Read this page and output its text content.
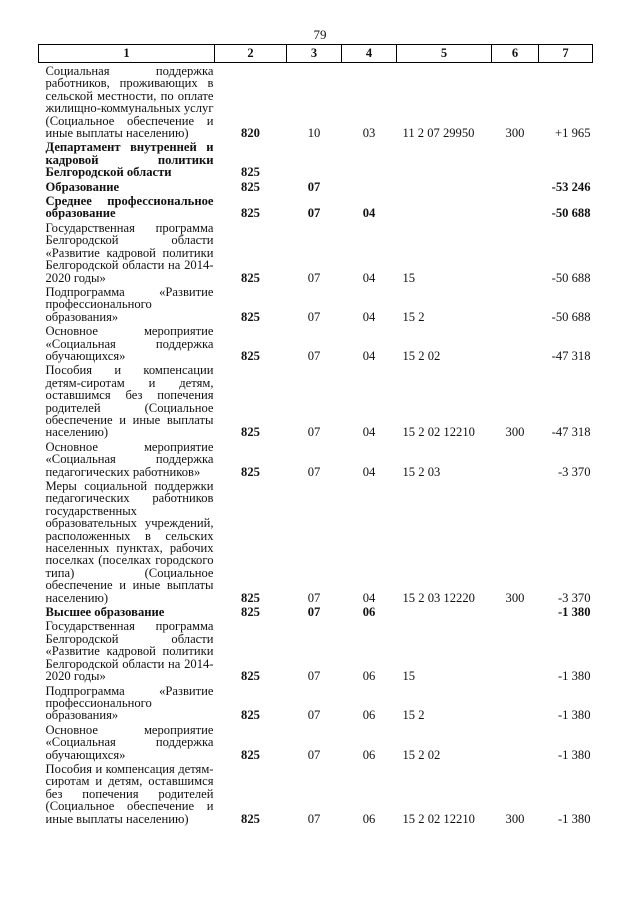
79
1	2	3	4	5	6	7
Социальная поддержка работников, проживающих в сельской местности, по оплате жилищно-коммунальных услуг (Социальное обеспечение и иные выплаты населению)	820	10	03	11 2 07 29950	300	+1 965
Департамент внутренней и кадровой политики Белгородской области	825					
Образование	825	07				-53 246
Среднее профессиональное образование	825	07	04			-50 688
Государственная программа Белгородской области «Развитие кадровой политики Белгородской области на 2014-2020 годы»	825	07	04	15		-50 688
Подпрограмма «Развитие профессионального образования»	825	07	04	15 2		-50 688
Основное мероприятие «Социальная поддержка обучающихся»	825	07	04	15 2 02		-47 318
Пособия и компенсации детям-сиротам и детям, оставшимся без попечения родителей (Социальное обеспечение и иные выплаты населению)	825	07	04	15 2 02 12210	300	-47 318
Основное мероприятие «Социальная поддержка педагогических работников»	825	07	04	15 2 03		-3 370
Меры социальной поддержки педагогических работников государственных образовательных учреждений, расположенных в сельских населенных пунктах, рабочих поселках (поселках городского типа) (Социальное обеспечение и иные выплаты населению)	825	07	04	15 2 03 12220	300	-3 370
Высшее образование	825	07	06			-1 380
Государственная программа Белгородской области «Развитие кадровой политики Белгородской области на 2014-2020 годы»	825	07	06	15		-1 380
Подпрограмма «Развитие профессионального образования»	825	07	06	15 2		-1 380
Основное мероприятие «Социальная поддержка обучающихся»	825	07	06	15 2 02		-1 380
Пособия и компенсация детям-сиротам и детям, оставшимся без попечения родителей (Социальное обеспечение и иные выплаты населению)	825	07	06	15 2 02 12210	300	-1 380
